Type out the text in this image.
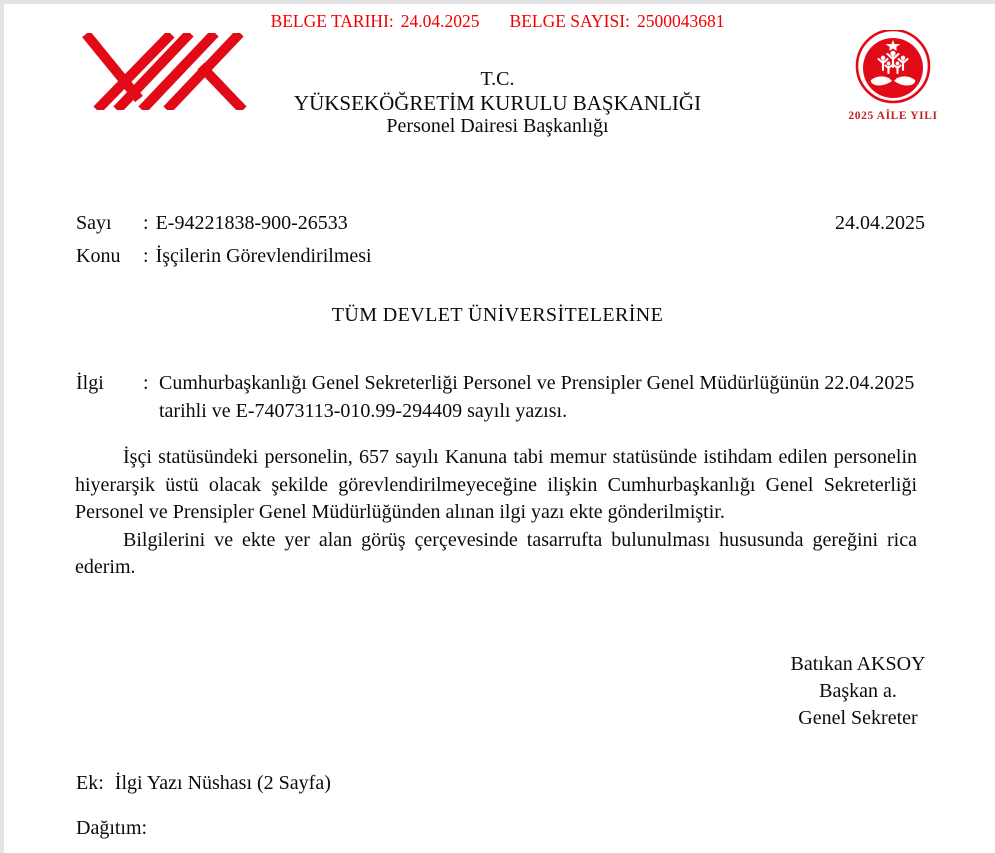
BELGE TARIHI: 24.04.2025 BELGE SAYISI: 2500043681
T.C.
YÜKSEKÖĞRETİM KURULU BAŞKANLIĞI
Personel Dairesi Başkanlığı	2025 AİLE YILI
Sayı : E-94221838-900-26533
Konu : İşçilerin Görevlendirilmesi
24.04.2025
TÜM DEVLET ÜNİVERSİTELERİNE
İlgi	: Cumhurbaşkanlığı Genel Sekreterliği Personel ve Prensipler Genel Müdürlüğünün 22.04.2025 tarihli ve E-74073113-010.99-294409 sayılı yazısı.

İşçi statüsündeki personelin, 657 sayılı Kanuna tabi memur statüsünde istihdam edilen personelin hiyerarşik üstü olacak şekilde görevlendirilmeyeceğine ilişkin Cumhurbaşkanlığı Genel Sekreterliği Personel ve Prensipler Genel Müdürlüğünden alınan ilgi yazı ekte gönderilmiştir.

Bilgilerini ve ekte yer alan görüş çerçevesinde tasarrufta bulunulması hususunda gereğini rica ederim.

Batıkan AKSOY
Başkan a.
Genel Sekreter
Ek: İlgi Yazı Nüshası (2 Sayfa)
Dağıtım:
